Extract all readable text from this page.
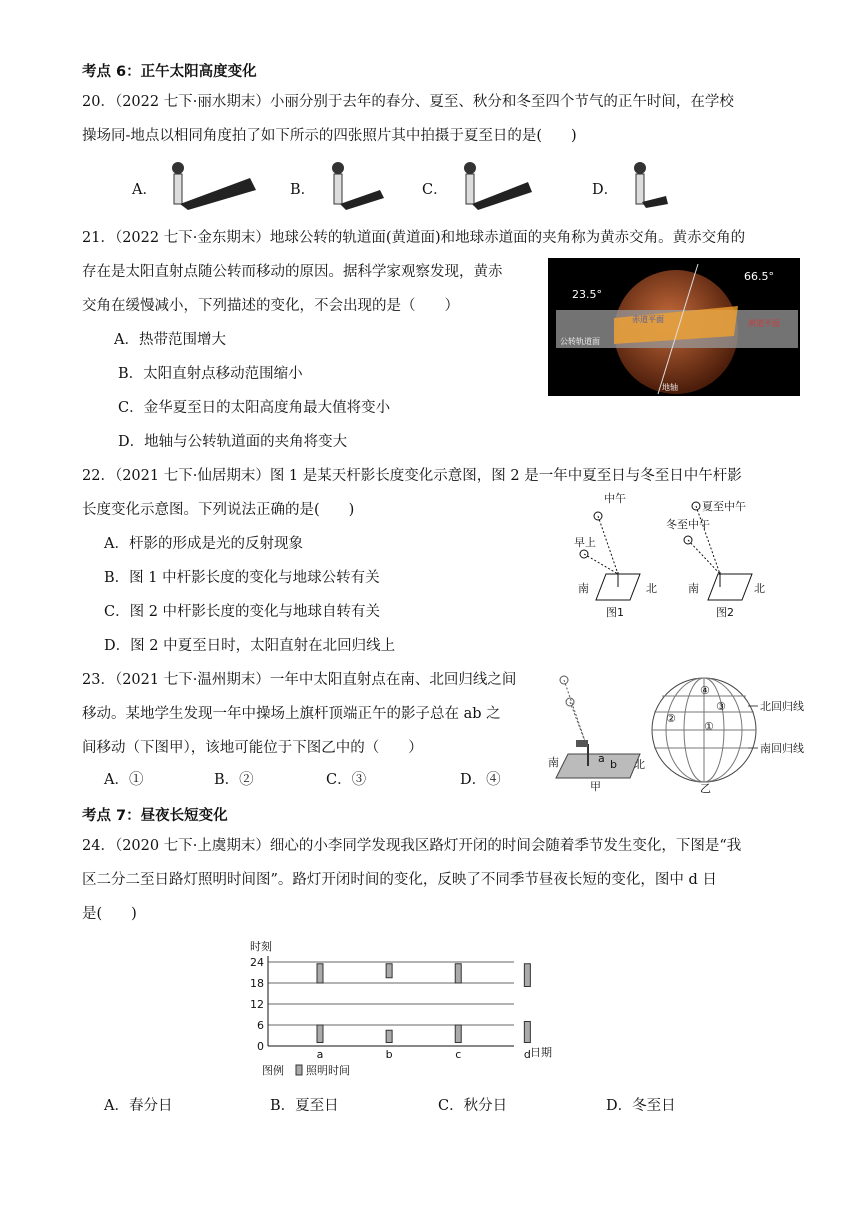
考点 6：正午太阳高度变化
20．（2022 七下·丽水期末）小丽分别于去年的春分、夏至、秋分和冬至四个节气的正午时间，在学校
操场同-地点以相同角度拍了如下所示的四张照片其中拍摄于夏至日的是(　　)
A．	B．	C．	D．
21．（2022 七下·金东期末）地球公转的轨道面(黄道面)和地球赤道面的夹角称为黄赤交角。黄赤交角的
存在是太阳直射点随公转而移动的原因。据科学家观察发现，黄赤
交角在缓慢减小，下列描述的变化，不会出现的是（　　）
A．热带范围增大
B．太阳直射点移动范围缩小
C．金华夏至日的太阳高度角最大值将变小
D．地轴与公转轨道面的夹角将变大
23.5°
66.5°
公转轨道面
地轴
赤道平面	黄道平面
22．（2021 七下·仙居期末）图 1 是某天杆影长度变化示意图，图 2 是一年中夏至日与冬至日中午杆影
长度变化示意图。下列说法正确的是(　　)
A．杆影的形成是光的反射现象
B．图 1 中杆影长度的变化与地球公转有关
C．图 2 中杆影长度的变化与地球自转有关
D．图 2 中夏至日时，太阳直射在北回归线上
中午
早上
南	北
图1
夏至中午
冬至中午
南	北
图2
23．（2021 七下·温州期末）一年中太阳直射点在南、北回归线之间
移动。某地学生发现一年中操场上旗杆顶端正午的影子总在 ab 之
间移动（下图甲），该地可能位于下图乙中的（　　）
A．①	B．②	C．③	D．④
a b
南	北
甲
④
②
③
①
北回归线
南回归线
乙
考点 7：昼夜长短变化
24．（2020 七下·上虞期末）细心的小李同学发现我区路灯开闭的时间会随着季节发生变化，下图是“我
区二分二至日路灯照明时间图”。路灯开闭时间的变化，反映了不同季节昼夜长短的变化，图中 d 日
是(　　)
时刻
日期
图例 照明时间
0
6
12
18
24
a	b	c	d
A．春分日	B．夏至日	C．秋分日	D．冬至日
